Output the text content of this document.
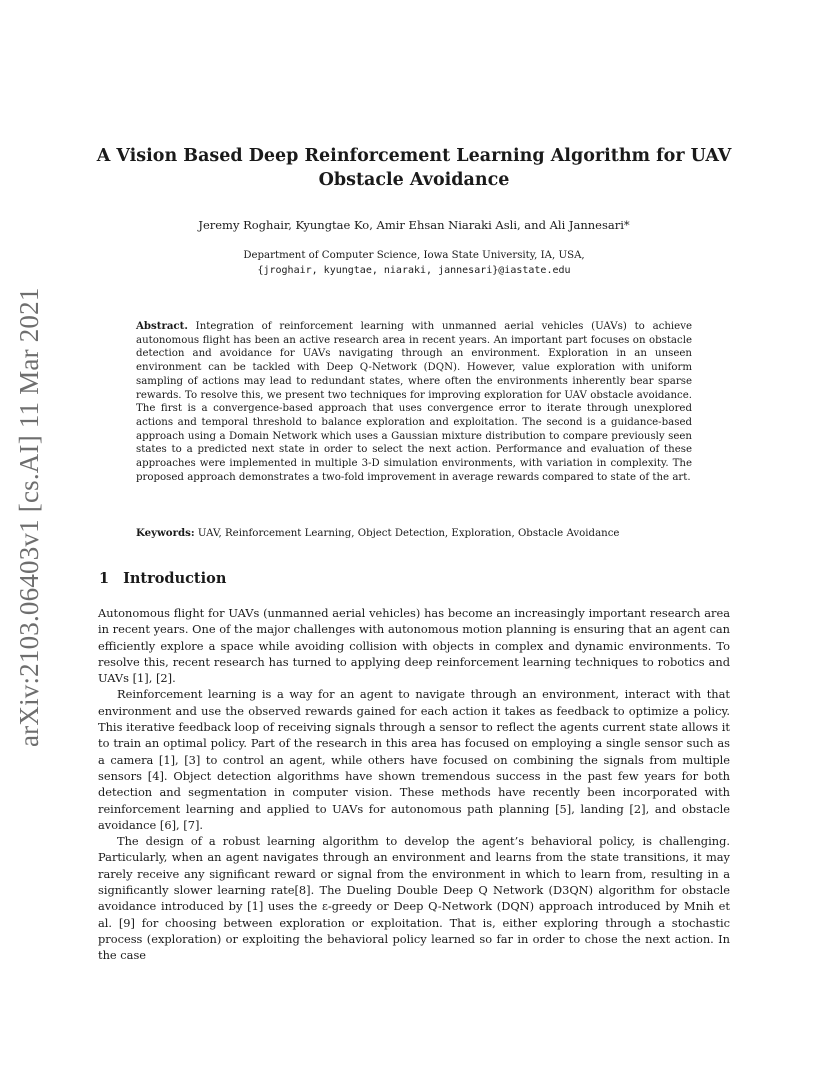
arXiv:2103.06403v1 [cs.AI] 11 Mar 2021
A Vision Based Deep Reinforcement Learning Algorithm for UAV Obstacle Avoidance

Jeremy Roghair, Kyungtae Ko, Amir Ehsan Niaraki Asli, and Ali Jannesari*

Department of Computer Science, Iowa State University, IA, USA,
{jroghair, kyungtae, niaraki, jannesari}@iastate.edu

Abstract. Integration of reinforcement learning with unmanned aerial vehicles (UAVs) to achieve autonomous flight has been an active research area in recent years. An important part focuses on obstacle detection and avoidance for UAVs navigating through an environment. Exploration in an unseen environment can be tackled with Deep Q-Network (DQN). However, value exploration with uniform sampling of actions may lead to redundant states, where often the environments inherently bear sparse rewards. To resolve this, we present two techniques for improving exploration for UAV obstacle avoidance. The first is a convergence-based approach that uses convergence error to iterate through unexplored actions and temporal threshold to balance exploration and exploitation. The second is a guidance-based approach using a Domain Network which uses a Gaussian mixture distribution to compare previously seen states to a predicted next state in order to select the next action. Performance and evaluation of these approaches were implemented in multiple 3-D simulation environments, with variation in complexity. The proposed approach demonstrates a two-fold improvement in average rewards compared to state of the art.

Keywords: UAV, Reinforcement Learning, Object Detection, Exploration, Obstacle Avoidance

1 Introduction

Autonomous flight for UAVs (unmanned aerial vehicles) has become an increasingly important research area in recent years. One of the major challenges with autonomous motion planning is ensuring that an agent can efficiently explore a space while avoiding collision with objects in complex and dynamic environments. To resolve this, recent research has turned to applying deep reinforcement learning techniques to robotics and UAVs [1], [2].

Reinforcement learning is a way for an agent to navigate through an environment, interact with that environment and use the observed rewards gained for each action it takes as feedback to optimize a policy. This iterative feedback loop of receiving signals through a sensor to reflect the agents current state allows it to train an optimal policy. Part of the research in this area has focused on employing a single sensor such as a camera [1], [3] to control an agent, while others have focused on combining the signals from multiple sensors [4]. Object detection algorithms have shown tremendous success in the past few years for both detection and segmentation in computer vision. These methods have recently been incorporated with reinforcement learning and applied to UAVs for autonomous path planning [5], landing [2], and obstacle avoidance [6], [7].

The design of a robust learning algorithm to develop the agent’s behavioral policy, is challenging. Particularly, when an agent navigates through an environment and learns from the state transitions, it may rarely receive any significant reward or signal from the environment in which to learn from, resulting in a significantly slower learning rate[8]. The Dueling Double Deep Q Network (D3QN) algorithm for obstacle avoidance introduced by [1] uses the ε-greedy or Deep Q-Network (DQN) approach introduced by Mnih et al. [9] for choosing between exploration or exploitation. That is, either exploring through a stochastic process (exploration) or exploiting the behavioral policy learned so far in order to chose the next action. In the case
